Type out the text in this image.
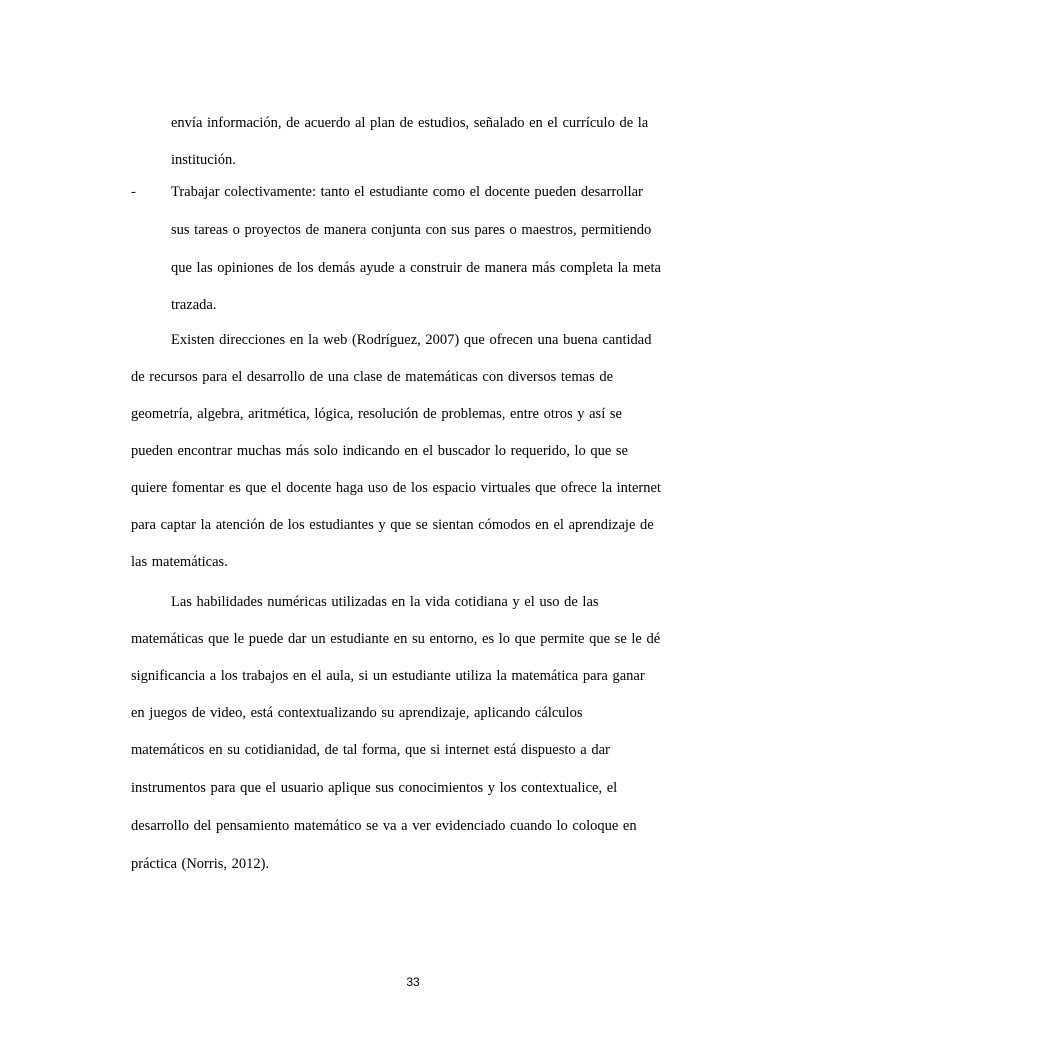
envía información, de acuerdo al plan de estudios, señalado en el currículo de la

institución.

- Trabajar colectivamente: tanto el estudiante como el docente pueden desarrollar

sus tareas o proyectos de manera conjunta con sus pares o maestros, permitiendo

que las opiniones de los demás ayude a construir de manera más completa la meta

trazada.

Existen direcciones en la web (Rodríguez, 2007) que ofrecen una buena cantidad

de recursos para el desarrollo de una clase de matemáticas con diversos temas de

geometría, algebra, aritmética, lógica, resolución de problemas, entre otros y así se

pueden encontrar muchas más solo indicando en el buscador lo requerido, lo que se

quiere fomentar es que el docente haga uso de los espacio virtuales que ofrece la internet

para captar la atención de los estudiantes y que se sientan cómodos en el aprendizaje de

las matemáticas.

Las habilidades numéricas utilizadas en la vida cotidiana y el uso de las

matemáticas que le puede dar un estudiante en su entorno, es lo que permite que se le dé

significancia a los trabajos en el aula, si un estudiante utiliza la matemática para ganar

en juegos de video, está contextualizando su aprendizaje, aplicando cálculos

matemáticos en su cotidianidad, de tal forma, que si internet está dispuesto a dar

instrumentos para que el usuario aplique sus conocimientos y los contextualice, el

desarrollo del pensamiento matemático se va a ver evidenciado cuando lo coloque en

práctica (Norris, 2012).

33
